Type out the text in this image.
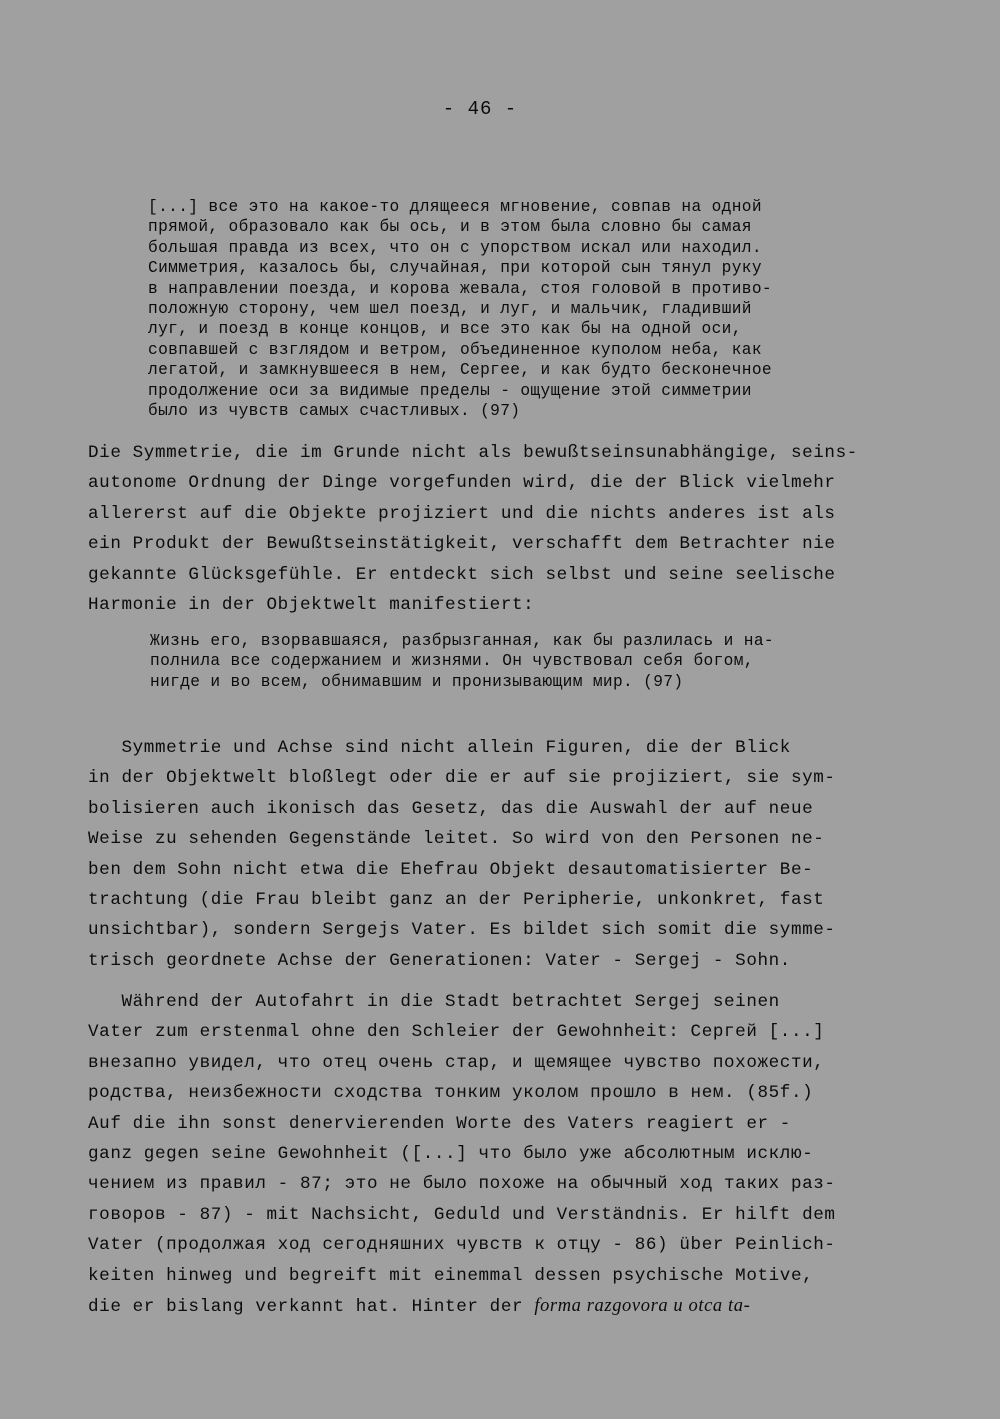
- 46 -
[...] все это на какое-то длящееся мгновение, совпав на одной
прямой, образовало как бы ось, и в этом была словно бы самая
большая правда из всех, что он с упорством искал или находил.
Симметрия, казалось бы, случайная, при которой сын тянул руку
в направлении поезда, и корова жевала, стоя головой в противо-
положную сторону, чем шел поезд, и луг, и мальчик, гладивший
луг, и поезд в конце концов, и все это как бы на одной оси,
совпавшей с взглядом и ветром, объединенное куполом неба, как
легатой, и замкнувшееся в нем, Сергее, и как будто бесконечное
продолжение оси за видимые пределы - ощущение этой симметрии
было из чувств самых счастливых. (97)
Die Symmetrie, die im Grunde nicht als bewußtseinsunabhängige, seins-
autonome Ordnung der Dinge vorgefunden wird, die der Blick vielmehr
allererst auf die Objekte projiziert und die nichts anderes ist als
ein Produkt der Bewußtseinstätigkeit, verschafft dem Betrachter nie
gekannte Glücksgefühle. Er entdeckt sich selbst und seine seelische
Harmonie in der Objektwelt manifestiert:
Жизнь его, взорвавшаяся, разбрызганная, как бы разлилась и на-
полнила все содержанием и жизнями. Он чувствовал себя богом,
нигде и во всем, обнимавшим и пронизывающим мир. (97)
Symmetrie und Achse sind nicht allein Figuren, die der Blick
in der Objektwelt bloßlegt oder die er auf sie projiziert, sie sym-
bolisieren auch ikonisch das Gesetz, das die Auswahl der auf neue
Weise zu sehenden Gegenstände leitet. So wird von den Personen ne-
ben dem Sohn nicht etwa die Ehefrau Objekt desautomatisierter Be-
trachtung (die Frau bleibt ganz an der Peripherie, unkonkret, fast
unsichtbar), sondern Sergejs Vater. Es bildet sich somit die symme-
trisch geordnete Achse der Generationen: Vater - Sergej - Sohn.
Während der Autofahrt in die Stadt betrachtet Sergej seinen
Vater zum erstenmal ohne den Schleier der Gewohnheit: Сергей [...]
внезапно увидел, что отец очень стар, и щемящее чувство похожести,
родства, неизбежности сходства тонким уколом прошло в нем. (85f.)
Auf die ihn sonst denervierenden Worte des Vaters reagiert er -
ganz gegen seine Gewohnheit ([...] что было уже абсолютным исклю-
чением из правил - 87; это не было похоже на обычный ход таких раз-
говоров - 87) - mit Nachsicht, Geduld und Verständnis. Er hilft dem
Vater (продолжая ход сегодняшних чувств к отцу - 86) über Peinlich-
keiten hinweg und begreift mit einemmal dessen psychische Motive,
die er bislang verkannt hat. Hinter der forma razgovora u otca ta-
